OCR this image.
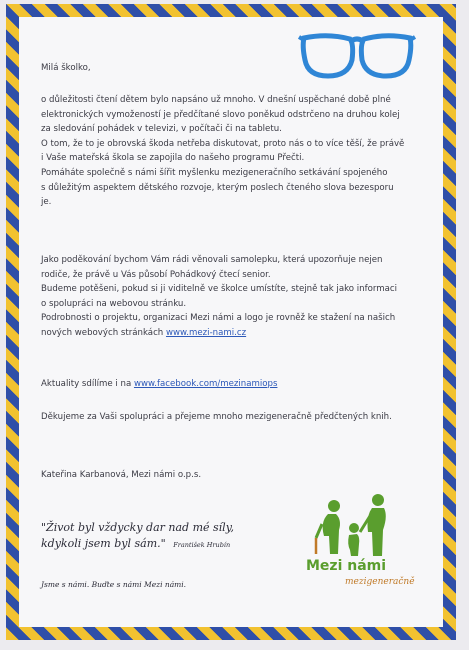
Milá školko,

o důležitosti čtení dětem bylo napsáno už mnoho. V dnešní uspěchané době plné

elektronických vymožeností je předčítané slovo poněkud odstrčeno na druhou kolej

za sledování pohádek v televizi, v počítači či na tabletu.

O tom, že to je obrovská škoda netřeba diskutovat, proto nás o to více těší, že právě

i Vaše mateřská škola se zapojila do našeho programu Přečti.

Pomáháte společně s námi šířit myšlenku mezigeneračního setkávání spojeného

s důležitým aspektem dětského rozvoje, kterým poslech čteného slova bezesporu

je.

Jako poděkování bychom Vám rádi věnovali samolepku, která upozorňuje nejen

rodiče, že právě u Vás působí Pohádkový čtecí senior.

Budeme potěšeni, pokud si ji viditelně ve školce umístíte, stejně tak jako informaci

o spolupráci na webovou stránku.

Podrobnosti o projektu, organizaci Mezi námi a logo je rovněž ke stažení na našich

nových webových stránkách www.mezi-nami.cz

Aktuality sdílíme i na www.facebook.com/mezinamiops

Děkujeme za Vaši spolupráci a přejeme mnoho mezigeneračně předčtených knih.
Kateřina Karbanová, Mezi námi o.p.s.
"Život byl vždycky dar nad mé síly,
kdykoli jsem byl sám." František Hrubín
Jsme s námi. Buďte s námi Mezi námi.
Mezi námi
mezigeneračně
